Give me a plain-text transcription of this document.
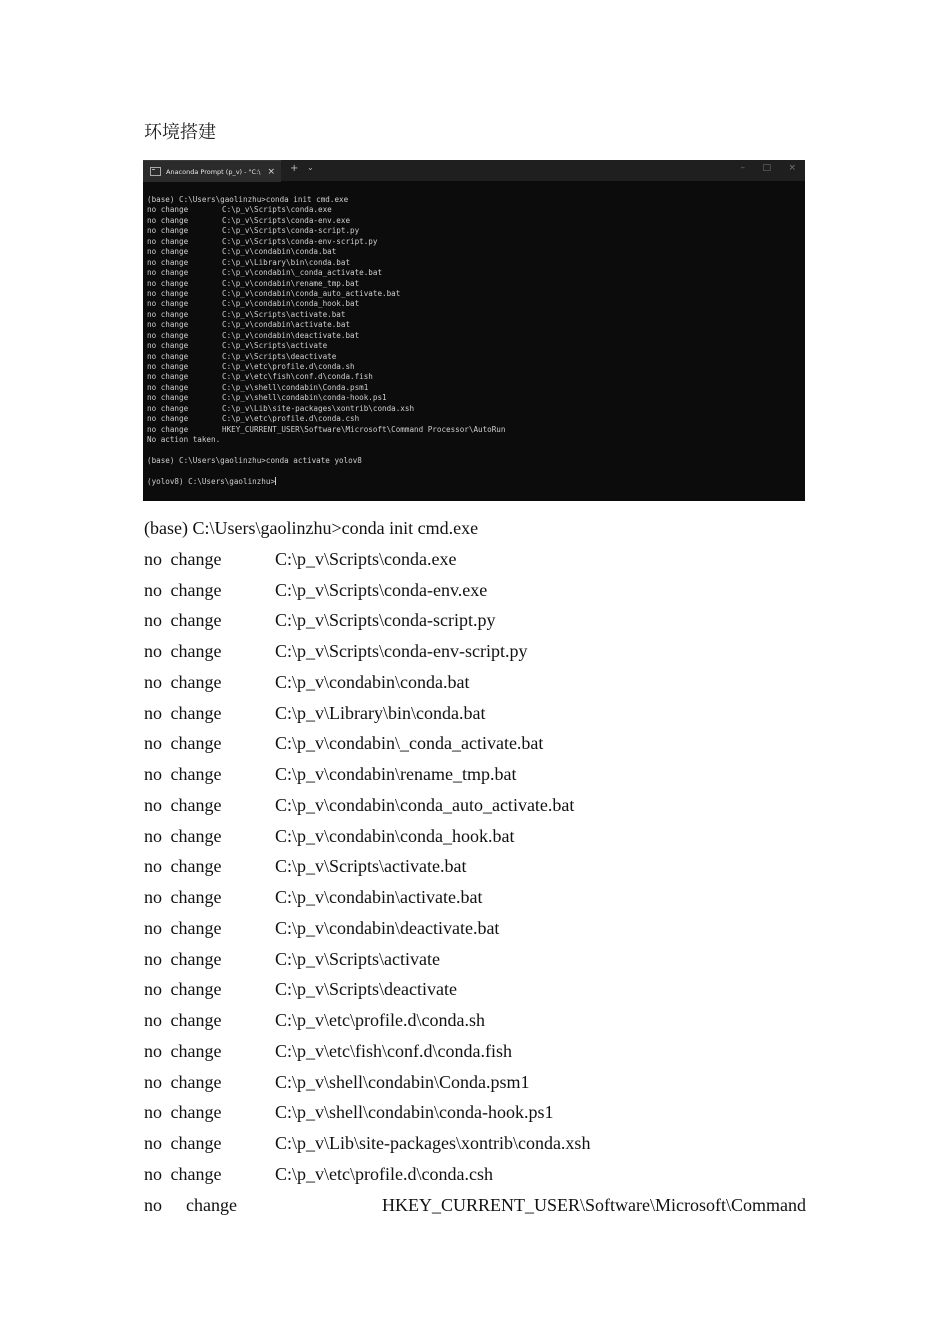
环境搭建
Anaconda Prompt (p_v) - "C:\ × + ⌄	– □ ×
(base) C:\Users\gaolinzhu>conda init cmd.exe
no change	C:\p_v\Scripts\conda.exe
no change	C:\p_v\Scripts\conda-env.exe
no change	C:\p_v\Scripts\conda-script.py
no change	C:\p_v\Scripts\conda-env-script.py
no change	C:\p_v\condabin\conda.bat
no change	C:\p_v\Library\bin\conda.bat
no change	C:\p_v\condabin\_conda_activate.bat
no change	C:\p_v\condabin\rename_tmp.bat
no change	C:\p_v\condabin\conda_auto_activate.bat
no change	C:\p_v\condabin\conda_hook.bat
no change	C:\p_v\Scripts\activate.bat
no change	C:\p_v\condabin\activate.bat
no change	C:\p_v\condabin\deactivate.bat
no change	C:\p_v\Scripts\activate
no change	C:\p_v\Scripts\deactivate
no change	C:\p_v\etc\profile.d\conda.sh
no change	C:\p_v\etc\fish\conf.d\conda.fish
no change	C:\p_v\shell\condabin\Conda.psm1
no change	C:\p_v\shell\condabin\conda-hook.ps1
no change	C:\p_v\Lib\site-packages\xontrib\conda.xsh
no change	C:\p_v\etc\profile.d\conda.csh
no change	HKEY_CURRENT_USER\Software\Microsoft\Command Processor\AutoRun
No action taken.
(base) C:\Users\gaolinzhu>conda activate yolov8
(yolov8) C:\Users\gaolinzhu>
(base) C:\Users\gaolinzhu>conda init cmd.exe
no change	C:\p_v\Scripts\conda.exe
no change	C:\p_v\Scripts\conda-env.exe
no change	C:\p_v\Scripts\conda-script.py
no change	C:\p_v\Scripts\conda-env-script.py
no change	C:\p_v\condabin\conda.bat
no change	C:\p_v\Library\bin\conda.bat
no change	C:\p_v\condabin\_conda_activate.bat
no change	C:\p_v\condabin\rename_tmp.bat
no change	C:\p_v\condabin\conda_auto_activate.bat
no change	C:\p_v\condabin\conda_hook.bat
no change	C:\p_v\Scripts\activate.bat
no change	C:\p_v\condabin\activate.bat
no change	C:\p_v\condabin\deactivate.bat
no change	C:\p_v\Scripts\activate
no change	C:\p_v\Scripts\deactivate
no change	C:\p_v\etc\profile.d\conda.sh
no change	C:\p_v\etc\fish\conf.d\conda.fish
no change	C:\p_v\shell\condabin\Conda.psm1
no change	C:\p_v\shell\condabin\conda-hook.ps1
no change	C:\p_v\Lib\site-packages\xontrib\conda.xsh
no change	C:\p_v\etc\profile.d\conda.csh
no change	HKEY_CURRENT_USER\Software\Microsoft\Command
